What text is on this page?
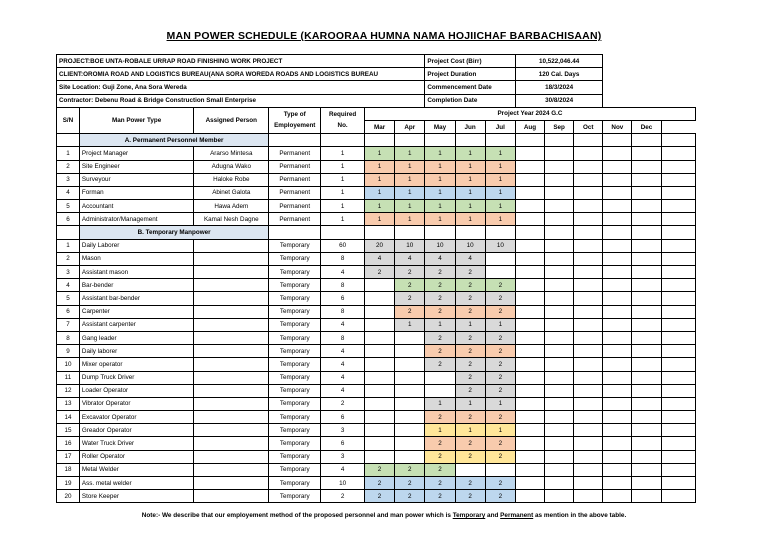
MAN POWER SCHEDULE (KAROORAA HUMNA NAMA HOJIICHAF BARBACHISAAN)
PROJECT:BOE UNTA-ROBALE URRAP ROAD FINISHING WORK PROJECT							Project Cost (Birr)			10,522,046.44					
CLIENT:OROMIA ROAD AND LOGISTICS BUREAU(ANA SORA WOREDA ROADS AND LOGISTICS BUREAU							Project Duration			120 Cal. Days					
Site Location: Guji Zone, Ana Sora Wereda							Commencement Date			18/3/2024					
Contractor: Debenu Road & Bridge Construction Small Enterprise							Completion Date			30/8/2024					
S/N	Man Power Type	Assigned Person	Type of Employement	Required No.	Project Year 2024 G.C										
					Mar	Apr	May	Jun	Jul	Aug	Sep	Oct	Nov	Dec	
	A. Permanent Personnel Member														
1	Project Manager	Ararso Mintesa	Permanent	1	1	1	1	1	1						
2	Site Engineer	Adugna Wako	Permanent	1	1	1	1	1	1						
3	Surveyour	Haloke Robe	Permanent	1	1	1	1	1	1						
4	Forman	Abinet Galota	Permanent	1	1	1	1	1	1						
5	Accountant	Hawa Adem	Permanent	1	1	1	1	1	1						
6	Administrator/Management	Kamal Nesh Dagne	Permanent	1	1	1	1	1	1						
	B. Temporary Manpower														
1	Daily Laborer		Temporary	60	20	10	10	10	10						
2	Mason		Temporary	8	4	4	4	4							
3	Assistant mason		Temporary	4	2	2	2	2							
4	Bar-bender		Temporary	8		2	2	2	2						
5	Assistant bar-bender		Temporary	6		2	2	2	2						
6	Carpenter		Temporary	8		2	2	2	2						
7	Assistant carpenter		Temporary	4		1	1	1	1						
8	Gang leader		Temporary	8			2	2	2						
9	Daily laborer		Temporary	4			2	2	2						
10	Mixer operator		Temporary	4			2	2	2						
11	Dump Truck Driver		Temporary	4				2	2						
12	Loader Operator		Temporary	4				2	2						
13	Vibrator Operator		Temporary	2			1	1	1						
14	Excavator Operator		Temporary	6			2	2	2						
15	Greador Operator		Temporary	3			1	1	1						
16	Water Truck Driver		Temporary	6			2	2	2						
17	Roller Operator		Temporary	3			2	2	2						
18	Metal Welder		Temporary	4	2	2	2								
19	Ass. metal welder		Temporary	10	2	2	2	2	2						
20	Store Keeper		Temporary	2	2	2	2	2	2						
Note:- We describe that our employement method of the proposed personnel and man power which is Temporary and Permanent as mention in the above table.
